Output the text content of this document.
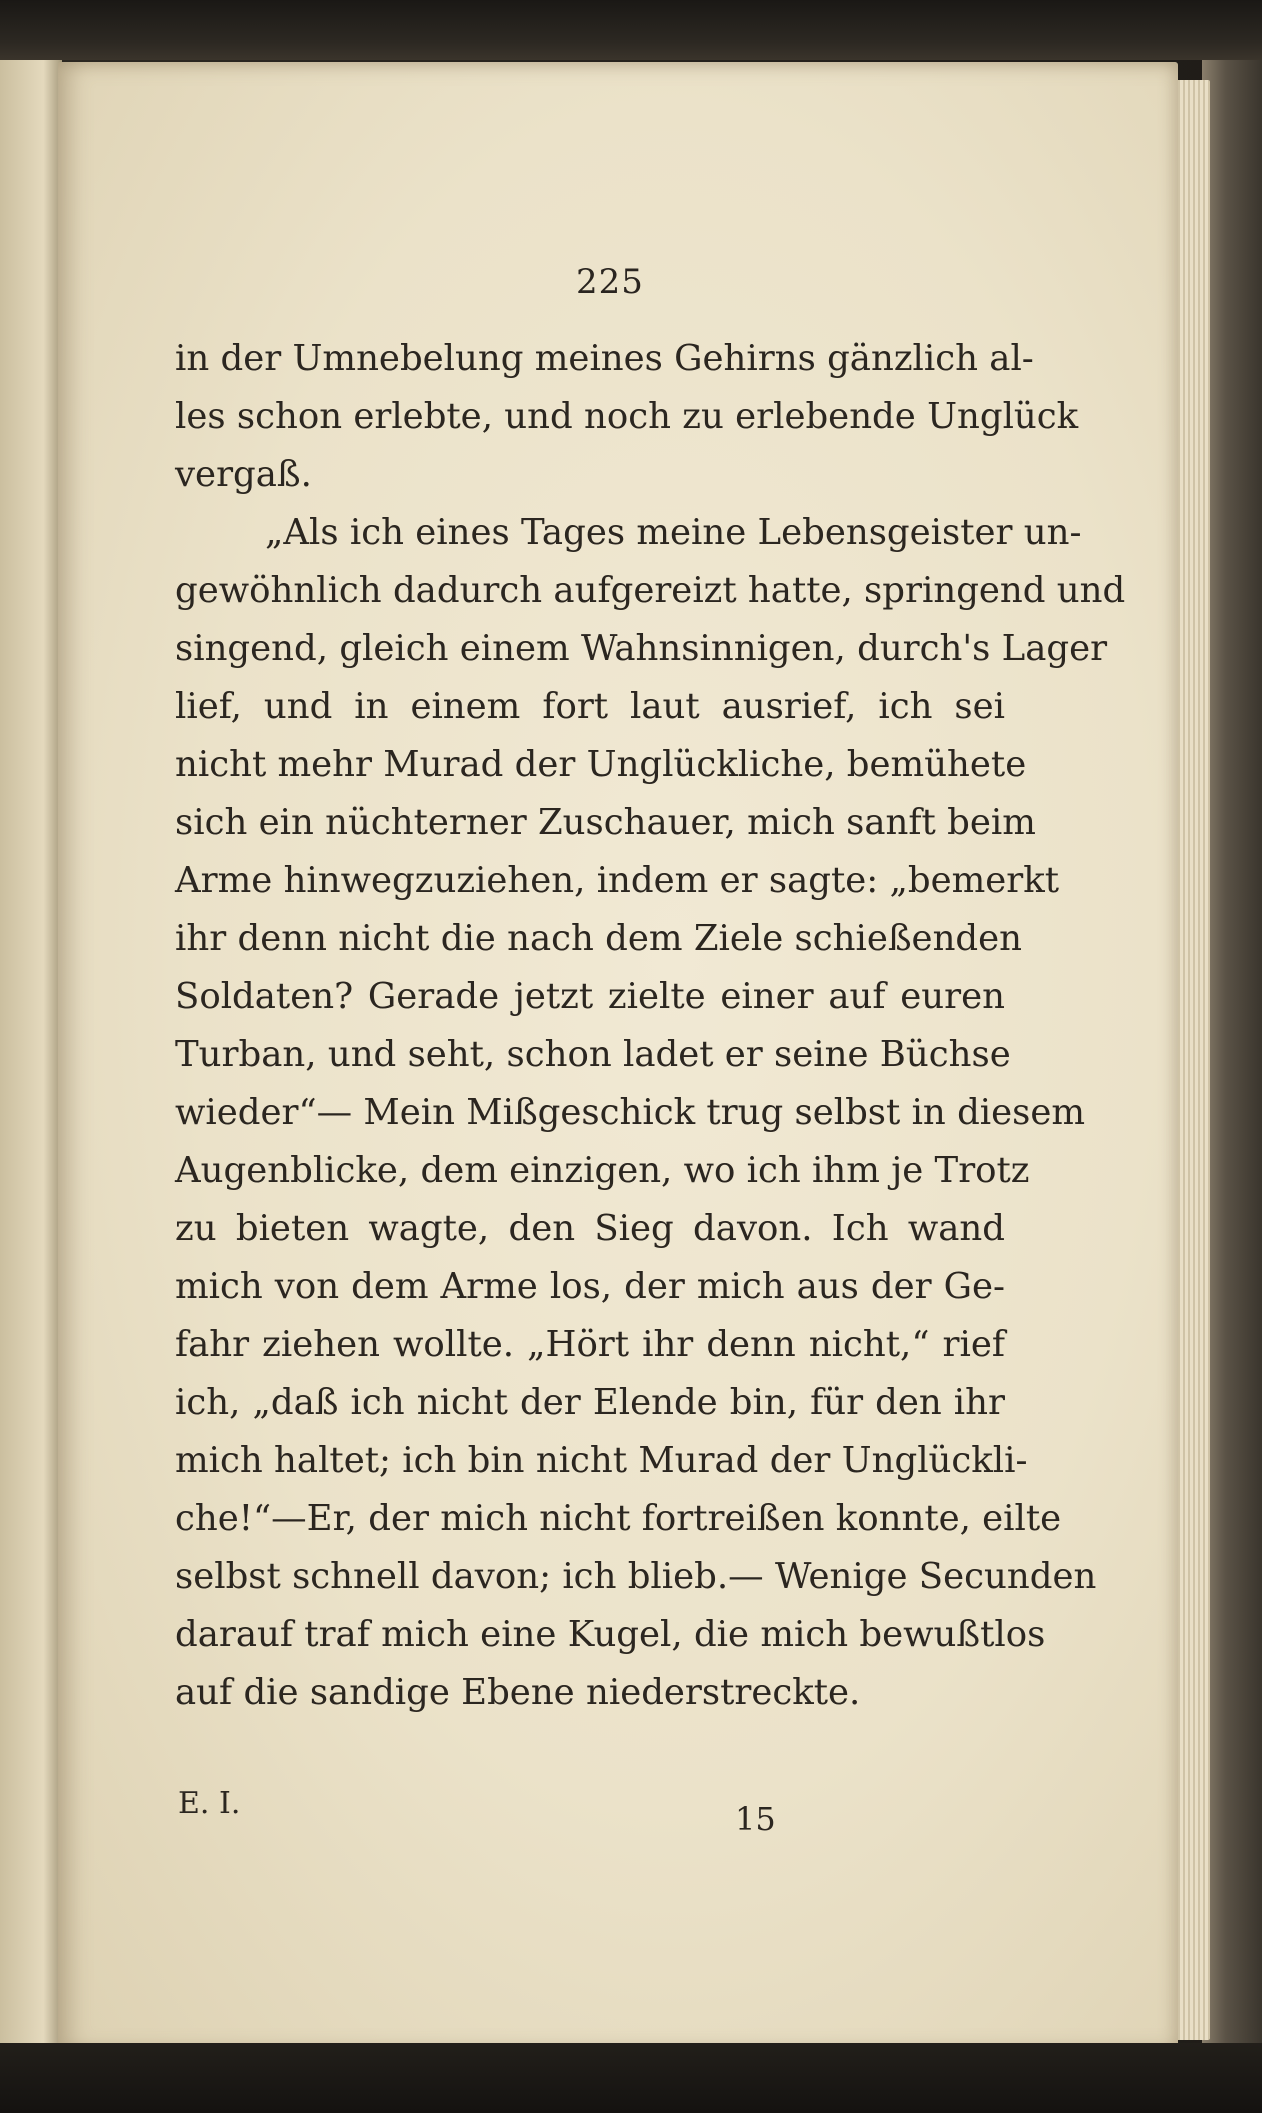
225
in der Umnebelung meines Gehirns gänzlich al-
les schon erlebte, und noch zu erlebende Unglück
vergaß.
„Als ich eines Tages meine Lebensgeister un-
gewöhnlich dadurch aufgereizt hatte, springend und
singend, gleich einem Wahnsinnigen, durch's Lager
lief, und in einem fort laut ausrief, ich sei
nicht mehr Murad der Unglückliche, bemühete
sich ein nüchterner Zuschauer, mich sanft beim
Arme hinwegzuziehen, indem er sagte: „bemerkt
ihr denn nicht die nach dem Ziele schießenden
Soldaten? Gerade jetzt zielte einer auf euren
Turban, und seht, schon ladet er seine Büchse
wieder“— Mein Mißgeschick trug selbst in diesem
Augenblicke, dem einzigen, wo ich ihm je Trotz
zu bieten wagte, den Sieg davon. Ich wand
mich von dem Arme los, der mich aus der Ge-
fahr ziehen wollte. „Hört ihr denn nicht,“ rief
ich, „daß ich nicht der Elende bin, für den ihr
mich haltet; ich bin nicht Murad der Unglückli-
che!“—Er, der mich nicht fortreißen konnte, eilte
selbst schnell davon; ich blieb.— Wenige Secunden
darauf traf mich eine Kugel, die mich bewußtlos
auf die sandige Ebene niederstreckte.
E. I.	15
